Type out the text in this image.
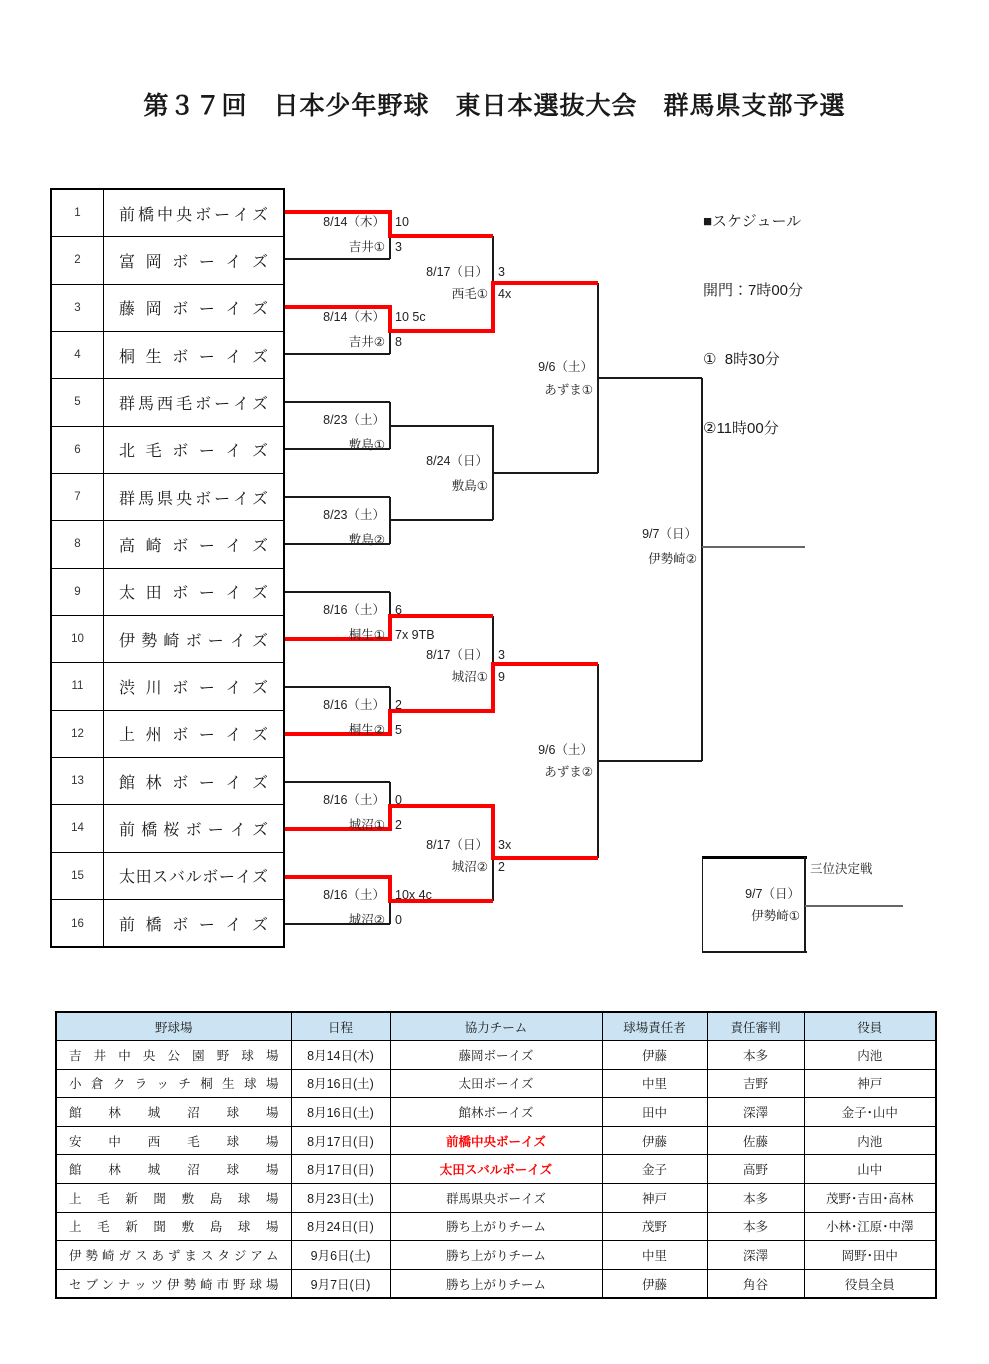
第３７回　日本少年野球　東日本選抜大会　群馬県支部予選

■スケジュール

開門：7時00分

①  8時30分

②11時00分

1	前橋中央ボーイズ
2	富岡ボーイズ
3	藤岡ボーイズ
4	桐生ボーイズ
5	群馬西毛ボーイズ
6	北毛ボーイズ
7	群馬県央ボーイズ
8	高崎ボーイズ
9	太田ボーイズ
10	伊勢崎ボーイズ
11	渋川ボーイズ
12	上州ボーイズ
13	館林ボーイズ
14	前橋桜ボーイズ
15	太田スバルボーイズ
16	前橋ボーイズ
8/14（木）
吉井①
10
3
8/14（木）
吉井②
10 5c
8
8/23（土）
敷島①
8/23（土）
敷島②
8/16（土）
桐生①
6
7x 9TB
8/16（土）
桐生②
2
5
8/16（土）
城沼①
0
2
8/16（土）
城沼②
10x 4c
0
8/17（日）
西毛①
3
4x
8/24（日）
敷島①
8/17（日）
城沼①
3
9
8/17（日）
城沼②
3x
2
9/6（土）
あずま①
9/6（土）
あずま②
9/7（日）
伊勢崎②
9/7（日）
伊勢崎①
三位決定戦
野球場	日程	協力チーム	球場責任者	責任審判	役員
吉井中央公園野球場	8月14日(木)	藤岡ボーイズ	伊藤	本多	内池
小倉クラッチ桐生球場	8月16日(土)	太田ボーイズ	中里	吉野	神戸
館林城沼球場	8月16日(土)	館林ボーイズ	田中	深澤	金子･山中
安中西毛球場	8月17日(日)	前橋中央ボーイズ	伊藤	佐藤	内池
館林城沼球場	8月17日(日)	太田スバルボーイズ	金子	高野	山中
上毛新聞敷島球場	8月23日(土)	群馬県央ボーイズ	神戸	本多	茂野･吉田･高林
上毛新聞敷島球場	8月24日(日)	勝ち上がりチーム	茂野	本多	小林･江原･中澤
伊勢崎ガスあずまスタジアム	9月6日(土)	勝ち上がりチーム	中里	深澤	岡野･田中
セブンナッツ伊勢崎市野球場	9月7日(日)	勝ち上がりチーム	伊藤	角谷	役員全員
